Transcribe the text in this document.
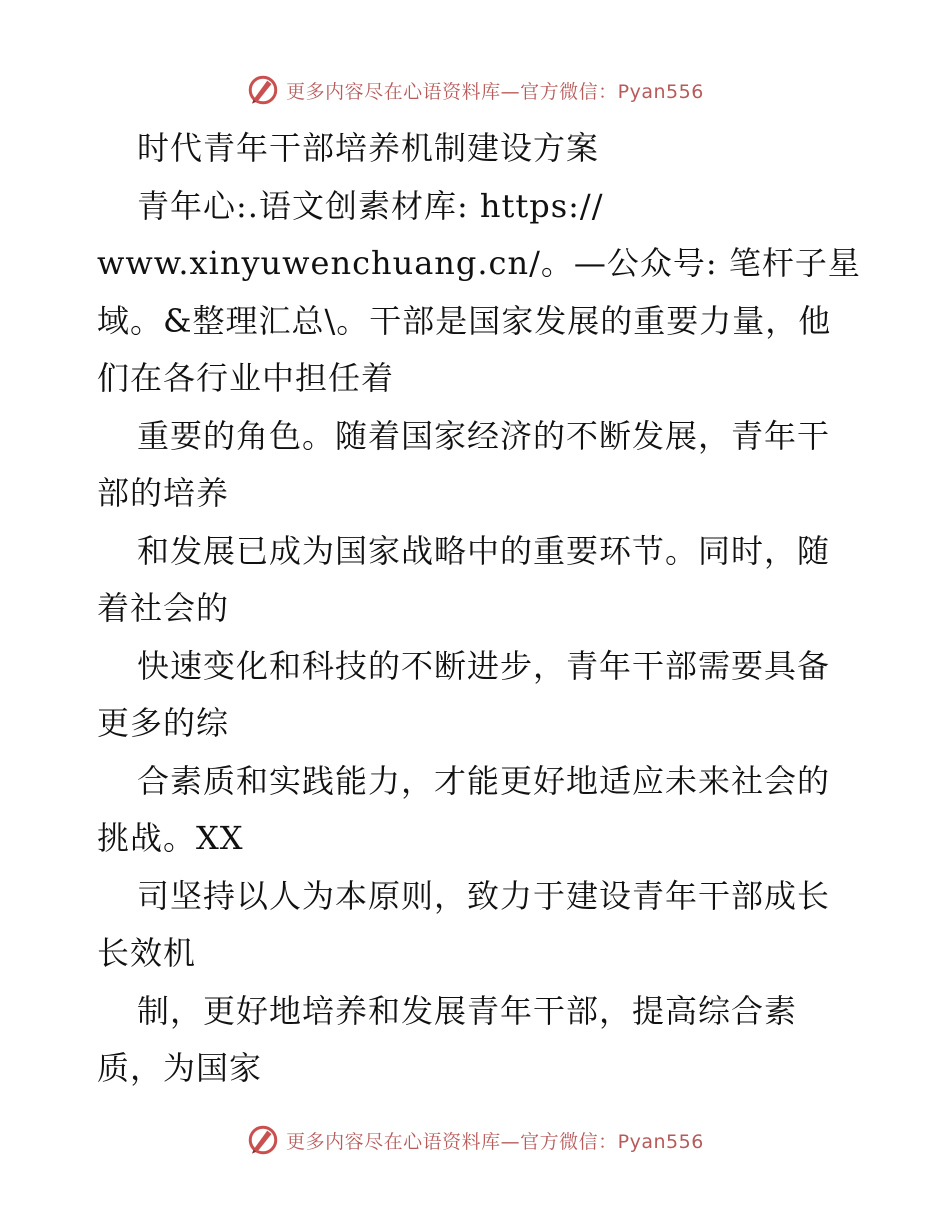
更多内容尽在心语资料库—官方微信：Pyan556
时代青年干部培养机制建设方案
青年心:.语文创素材库: https://
www.xinyuwenchuang.cn/。—公众号: 笔杆子星
域。&整理汇总\。干部是国家发展的重要力量，他
们在各行业中担任着
重要的角色。随着国家经济的不断发展，青年干
部的培养
和发展已成为国家战略中的重要环节。同时，随
着社会的
快速变化和科技的不断进步，青年干部需要具备
更多的综
合素质和实践能力，才能更好地适应未来社会的
挑战。XX
司坚持以人为本原则，致力于建设青年干部成长
长效机
制，更好地培养和发展青年干部，提高综合素
质，为国家
更多内容尽在心语资料库—官方微信：Pyan556
